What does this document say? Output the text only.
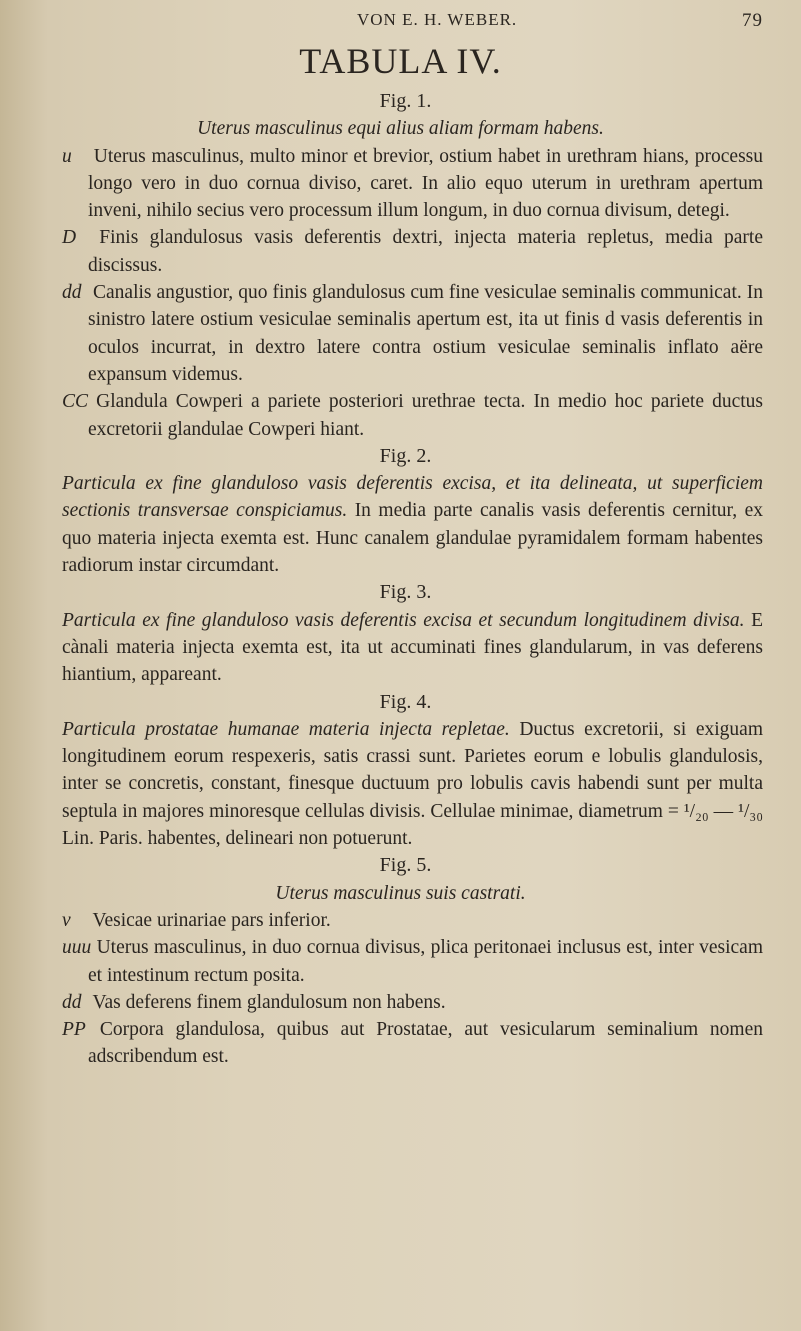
VON E. H. WEBER.	79
TABULA IV.

Fig. 1.

Uterus masculinus equi alius aliam formam habens.

u Uterus masculinus, multo minor et brevior, ostium habet in urethram hians, processu longo vero in duo cornua diviso, caret. In alio equo uterum in urethram apertum inveni, nihilo secius vero processum illum longum, in duo cornua divisum, detegi.

D Finis glandulosus vasis deferentis dextri, injecta materia repletus, media parte discissus.

dd Canalis angustior, quo finis glandulosus cum fine vesiculae seminalis communicat. In sinistro latere ostium vesiculae seminalis apertum est, ita ut finis d vasis deferentis in oculos incurrat, in dextro latere contra ostium vesiculae seminalis inflato aëre expansum videmus.

CC Glandula Cowperi a pariete posteriori urethrae tecta. In medio hoc pariete ductus excretorii glandulae Cowperi hiant.

Fig. 2.

Particula ex fine glanduloso vasis deferentis excisa, et ita delineata, ut superficiem sectionis transversae conspiciamus. In media parte canalis vasis deferentis cernitur, ex quo materia injecta exemta est. Hunc canalem glandulae pyramidalem formam habentes radiorum instar circumdant.

Fig. 3.

Particula ex fine glanduloso vasis deferentis excisa et secundum longitudinem divisa. E cànali materia injecta exemta est, ita ut accuminati fines glandularum, in vas deferens hiantium, appareant.

Fig. 4.

Particula prostatae humanae materia injecta repletae. Ductus excretorii, si exiguam longitudinem eorum respexeris, satis crassi sunt. Parietes eorum e lobulis glandulosis, inter se concretis, constant, finesque ductuum pro lobulis cavis habendi sunt per multa septula in majores minoresque cellulas divisis. Cellulae minimae, diametrum = ¹/₂₀ — ¹/₃₀ Lin. Paris. habentes, delineari non potuerunt.

Fig. 5.

Uterus masculinus suis castrati.

v Vesicae urinariae pars inferior.

uuu Uterus masculinus, in duo cornua divisus, plica peritonaei inclusus est, inter vesicam et intestinum rectum posita.

dd Vas deferens finem glandulosum non habens.

PP Corpora glandulosa, quibus aut Prostatae, aut vesicularum seminalium nomen adscribendum est.
